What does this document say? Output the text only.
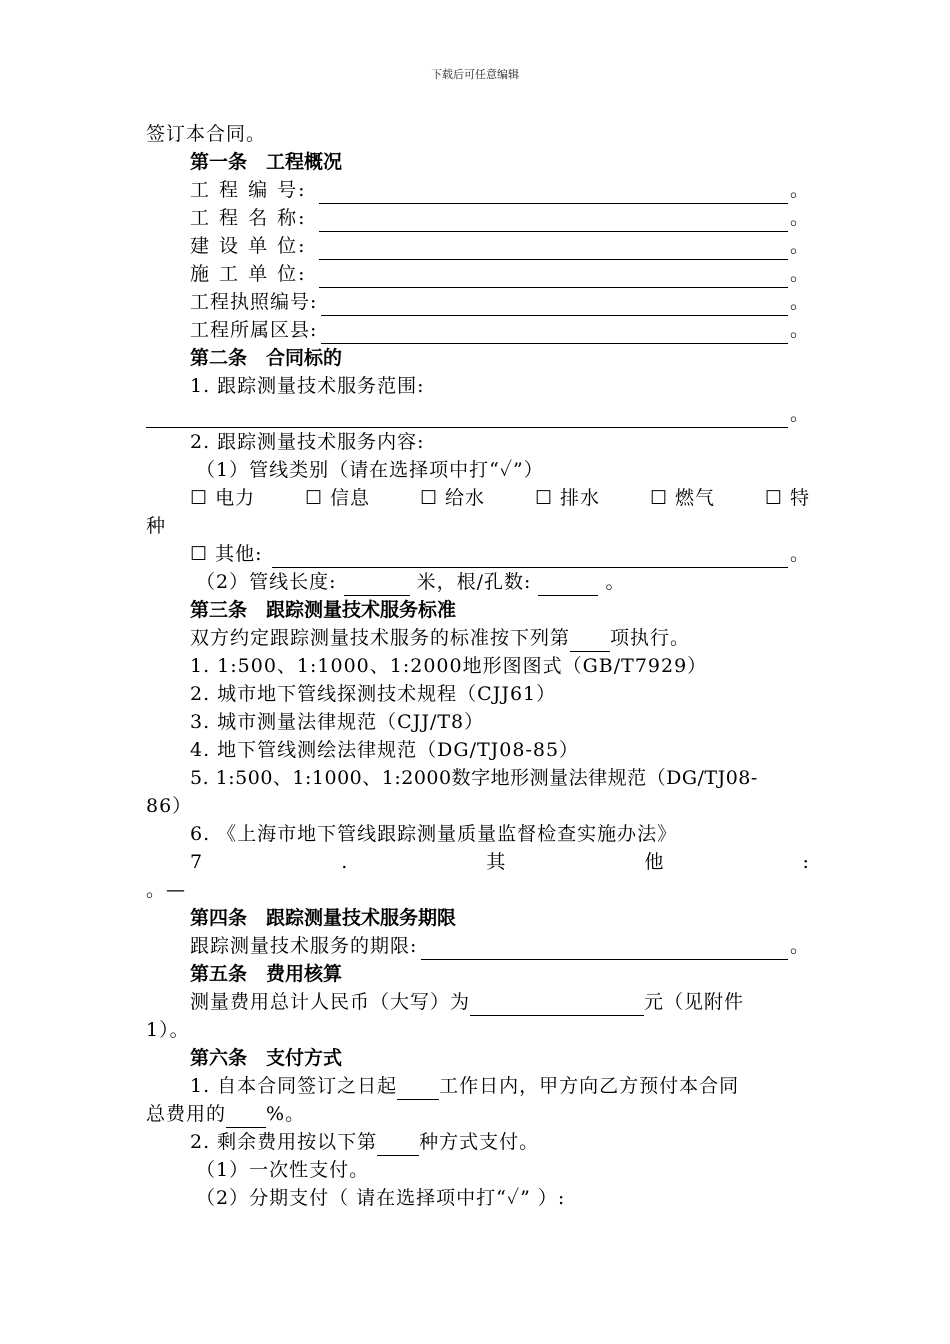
下载后可任意编辑
签订本合同。
第一条　工程概况
工 程 编 号:	。
工 程 名 称:	。
建 设 单 位:	。
施 工 单 位:	。
工程执照编号:	。
工程所属区县:	。
第二条　合同标的
1. 跟踪测量技术服务范围:
。
2. 跟踪测量技术服务内容:
（1）管线类别（请在选择项中打“✓”）
☐ 电力	☐ 信息	☐ 给水	☐ 排水	☐ 燃气	☐ 特
种
☐ 其他:	。
（2）管线长度:	米，根/孔数:	。
第三条　跟踪测量技术服务标准
双方约定跟踪测量技术服务的标准按下列第 项执行。
1. 1:500、1:1000、1:2000地形图图式（GB/T7929）
2. 城市地下管线探测技术规程（CJJ61）
3. 城市测量法律规范（CJJ/T8）
4. 地下管线测绘法律规范（DG/TJ08-85）
5. 1:500、1:1000、1:2000数字地形测量法律规范（DG/TJ08-
86）
6. 《上海市地下管线跟踪测量质量监督检查实施办法》
7	.	其	他	:
。—
第四条　跟踪测量技术服务期限
跟踪测量技术服务的期限:	。
第五条　费用核算
测量费用总计人民币（大写）为	元（见附件
1）。
第六条　支付方式
1. 自本合同签订之日起 工作日内，甲方向乙方预付本合同
总费用的 %。
2. 剩余费用按以下第 种方式支付。
（1）一次性支付。
（2）分期支付（ 请在选择项中打“✓” ）:
